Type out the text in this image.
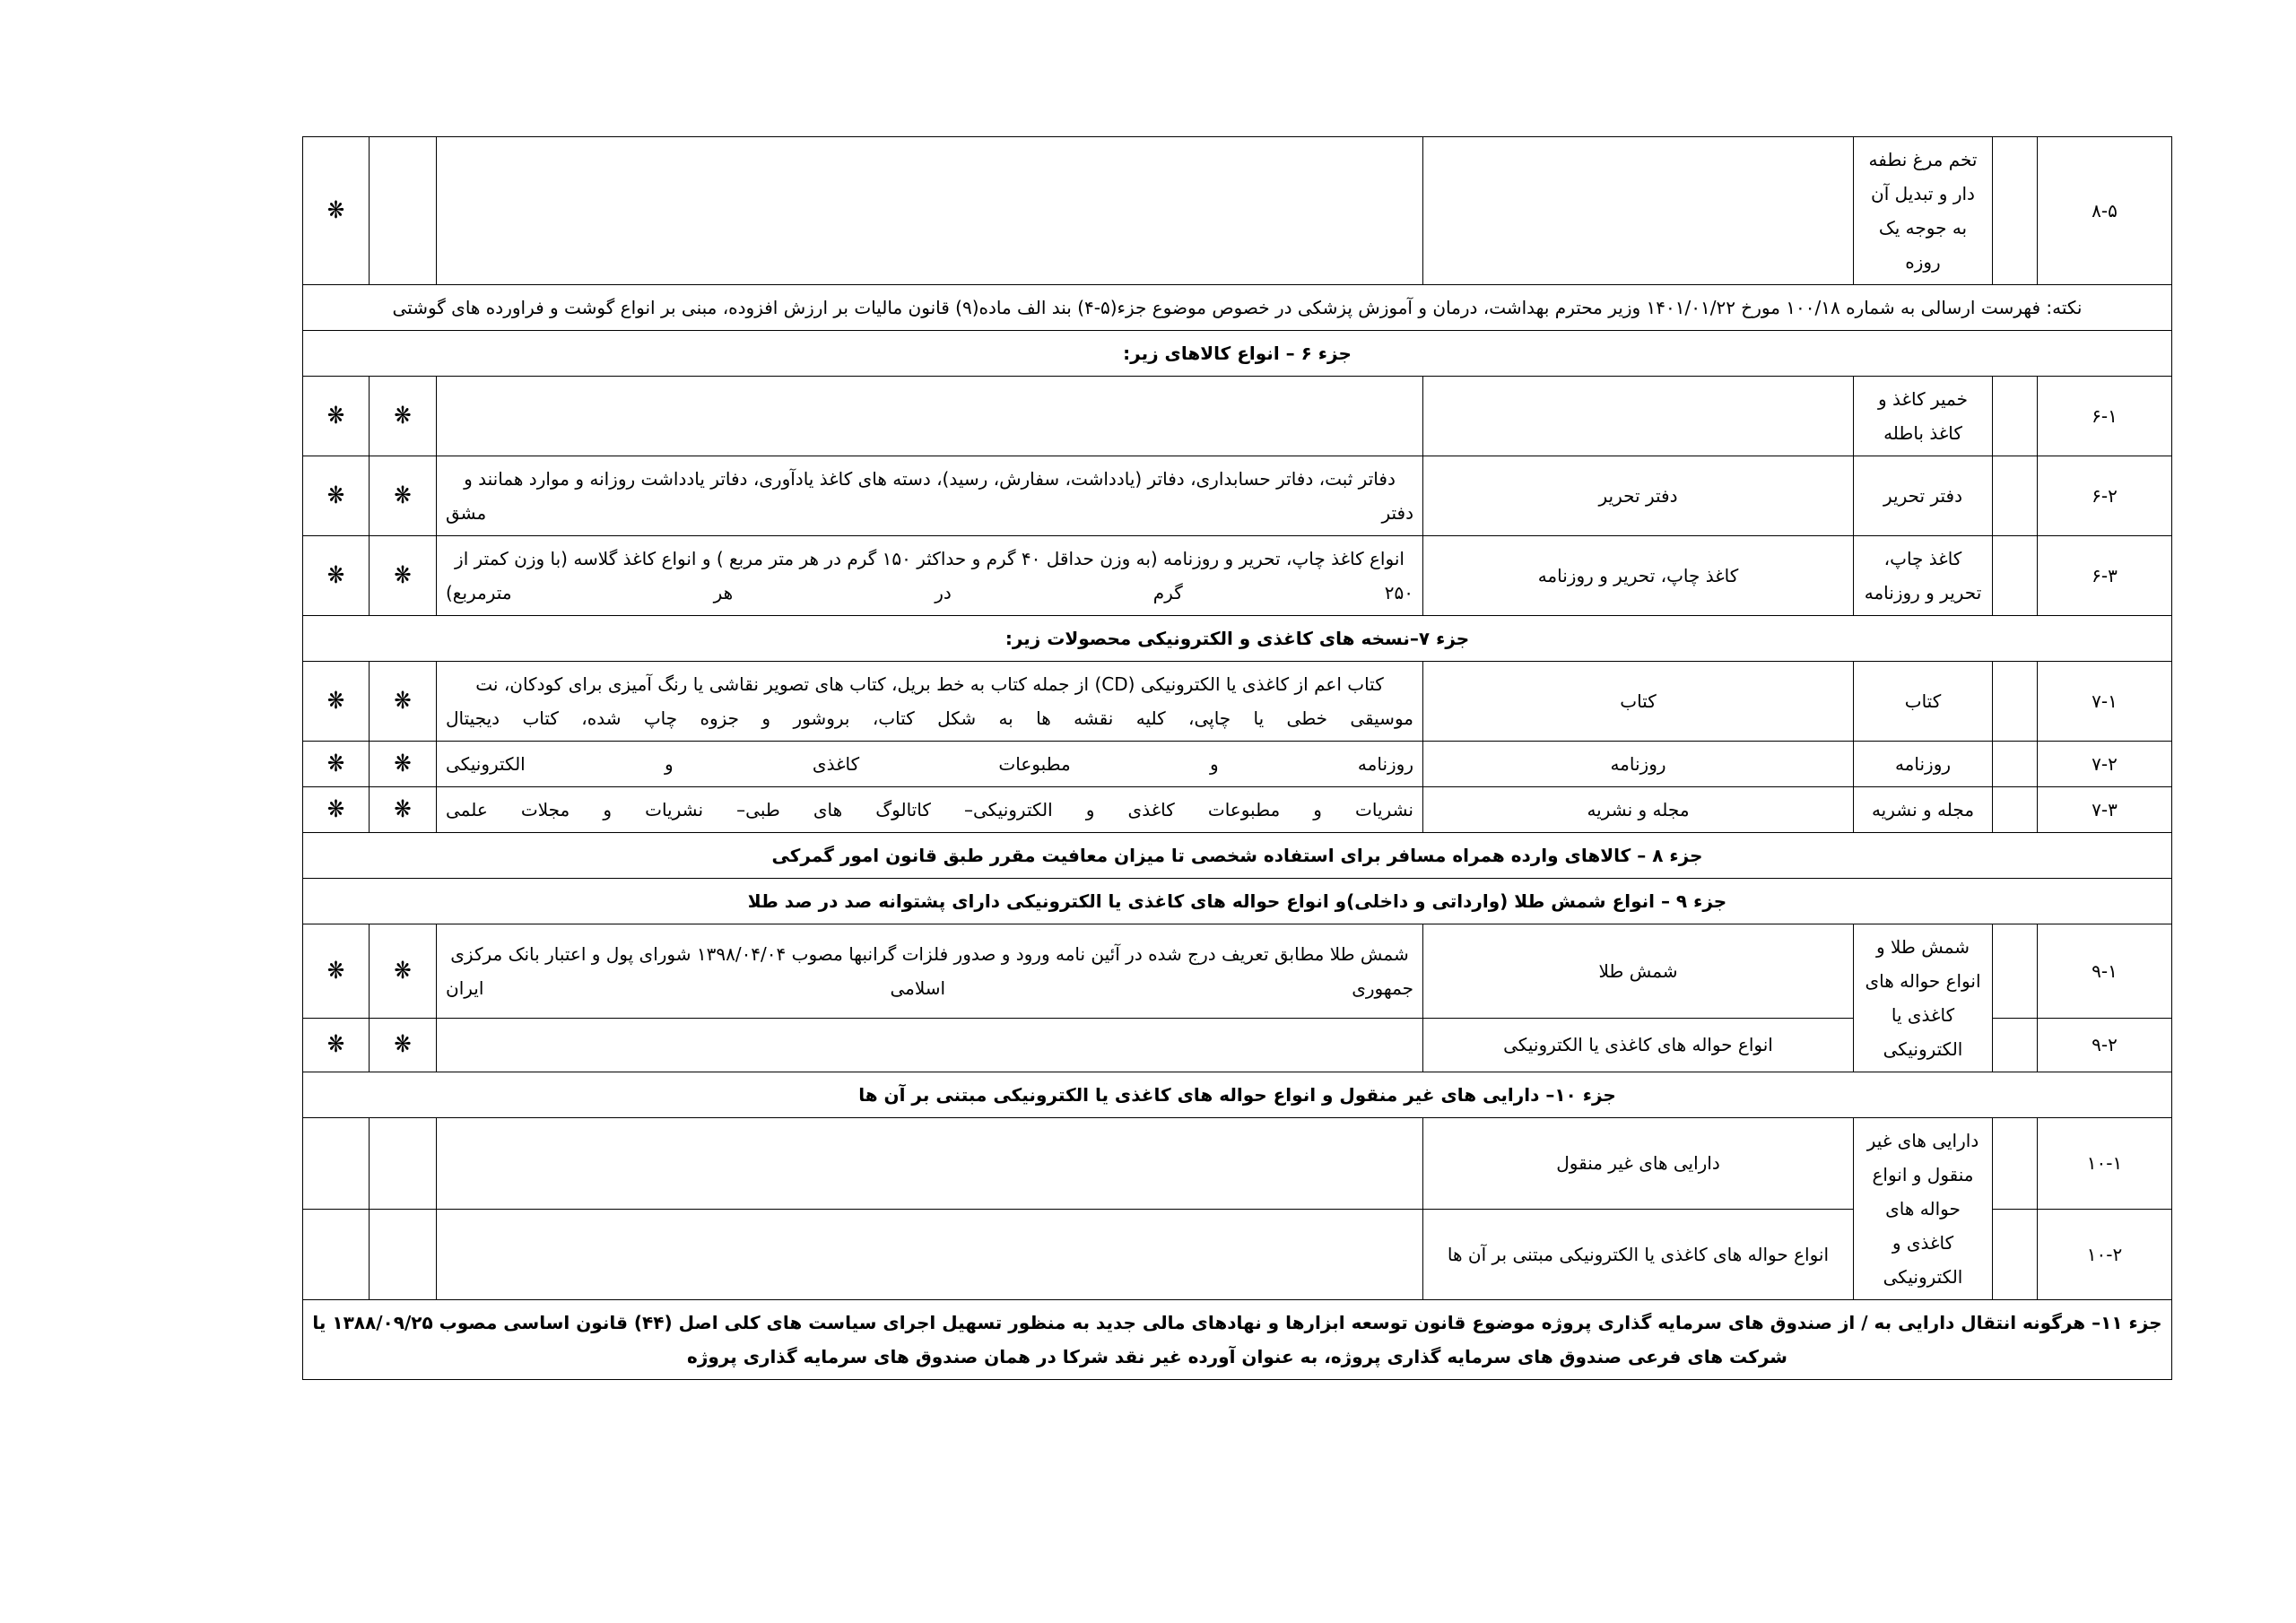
۸-۵		تخم مرغ نطفه دار و تبدیل آن به جوجه یک روزه				❋
نکته: فهرست ارسالی به شماره ۱۰۰/۱۸ مورخ ۱۴۰۱/۰۱/۲۲ وزیر محترم بهداشت، درمان و آموزش پزشکی در خصوص موضوع جزء(۵-۴) بند الف ماده(۹) قانون مالیات بر ارزش افزوده، مبنی بر انواع گوشت و فراورده های گوشتی						
جزء ۶ – انواع کالاهای زیر:						
۶-۱		خمیر کاغذ و کاغذ باطله			❋	❋
۶-۲		دفتر تحریر	دفتر تحریر	دفاتر ثبت، دفاتر حسابداری، دفاتر (یادداشت، سفارش، رسید)، دسته های کاغذ یادآوری، دفاتر یادداشت روزانه و موارد همانند و دفتر مشق	❋	❋
۶-۳		کاغذ چاپ، تحریر و روزنامه	کاغذ چاپ، تحریر و روزنامه	انواع کاغذ چاپ، تحریر و روزنامه (به وزن حداقل ۴۰ گرم و حداکثر ۱۵۰ گرم در هر متر مربع ) و انواع کاغذ گلاسه (با وزن کمتر از ۲۵۰ گرم در هر مترمربع)	❋	❋
جزء ۷–نسخه های کاغذی و الکترونیکی محصولات زیر:						
۷-۱		کتاب	کتاب	کتاب اعم از کاغذی یا الکترونیکی (CD) از جمله کتاب به خط بریل، کتاب های تصویر نقاشی یا رنگ آمیزی برای کودکان، نت موسیقی خطی یا چاپی، کلیه نقشه ها به شکل کتاب، بروشور و جزوه چاپ شده، کتاب دیجیتال	❋	❋
۷-۲		روزنامه	روزنامه	روزنامه و مطبوعات کاغذی و الکترونیکی	❋	❋
۷-۳		مجله و نشریه	مجله و نشریه	نشریات و مطبوعات کاغذی و الکترونیکی– کاتالوگ های طبی– نشریات و مجلات علمی	❋	❋
جزء ۸ – کالاهای وارده همراه مسافر برای استفاده شخصی تا میزان معافیت مقرر طبق قانون امور گمرکی						
جزء ۹ – انواع شمش طلا (وارداتی و داخلی)و انواع حواله های کاغذی یا الکترونیکی دارای پشتوانه صد در صد طلا						
۹-۱		شمش طلا و انواع حواله های کاغذی یا الکترونیکی	شمش طلا	شمش طلا مطابق تعریف درج شده در آئین نامه ورود و صدور فلزات گرانبها مصوب ۱۳۹۸/۰۴/۰۴ شورای پول و اعتبار بانک مرکزی جمهوری اسلامی ایران	❋	❋
۹-۲			انواع حواله های کاغذی یا الکترونیکی		❋	❋
جزء ۱۰– دارایی های غیر منقول و انواع حواله های کاغذی یا الکترونیکی مبتنی بر آن ها						
۱۰-۱		دارایی های غیر منقول و انواع حواله های کاغذی و الکترونیکی	دارایی های غیر منقول			
۱۰-۲			انواع حواله های کاغذی یا الکترونیکی مبتنی بر آن ها			
جزء ۱۱– هرگونه انتقال دارایی به / از صندوق های سرمایه گذاری پروژه موضوع قانون توسعه ابزارها و نهادهای مالی جدید به منظور تسهیل اجرای سیاست های کلی اصل (۴۴) قانون اساسی مصوب ۱۳۸۸/۰۹/۲۵ یا شرکت های فرعی صندوق های سرمایه گذاری پروژه، به عنوان آورده غیر نقد شرکا در همان صندوق های سرمایه گذاری پروژه						
